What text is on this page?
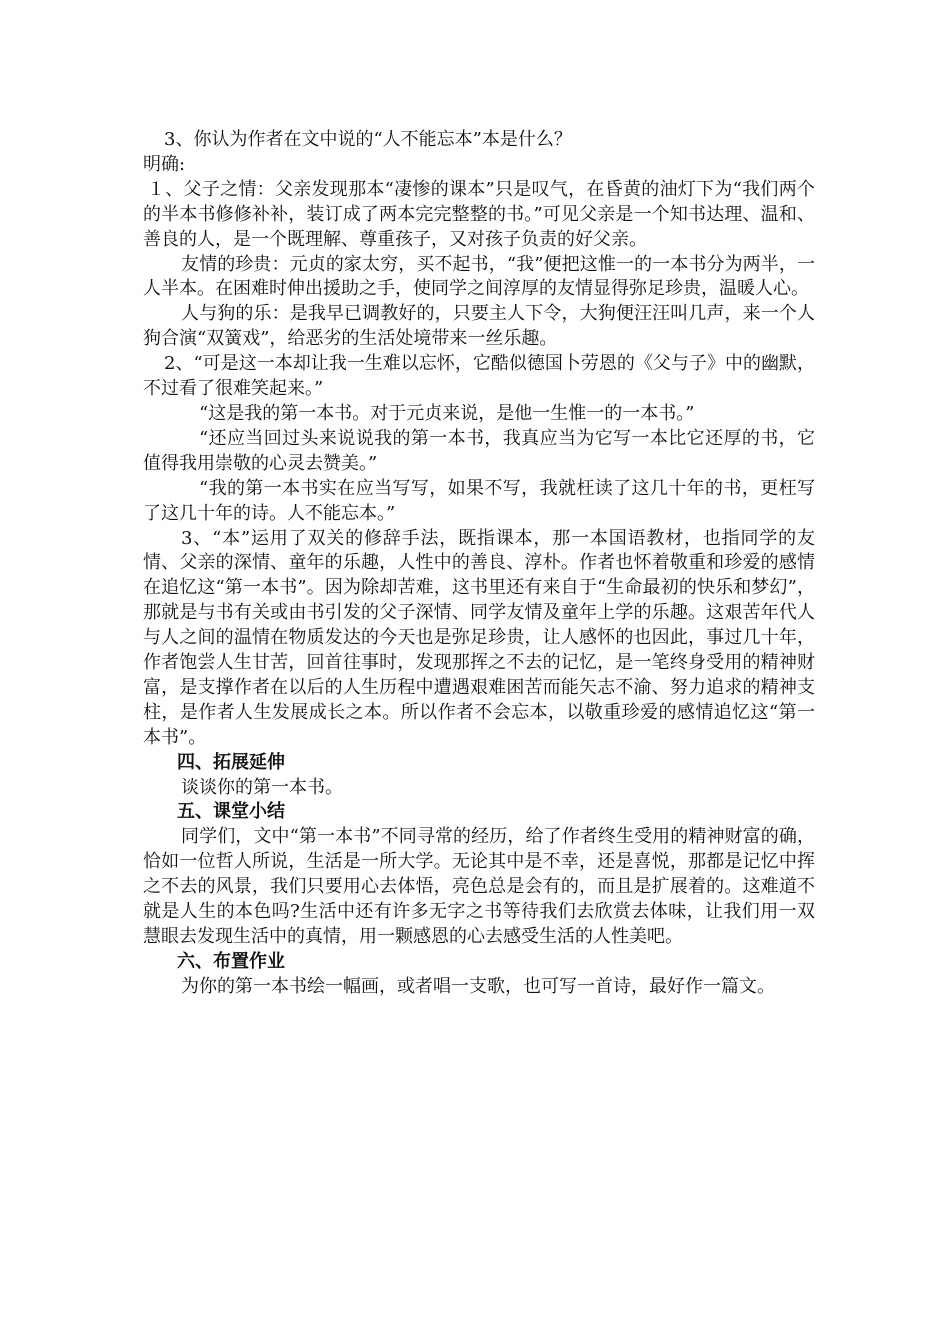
3、你认为作者在文中说的“人不能忘本”本是什么？

明确:

１、父子之情：父亲发现那本“凄惨的课本”只是叹气，在昏黄的油灯下为“我们两个的半本书修修补补，装订成了两本完完整整的书。”可见父亲是一个知书达理、温和、善良的人，是一个既理解、尊重孩子，又对孩子负责的好父亲。

友情的珍贵：元贞的家太穷，买不起书，“我”便把这惟一的一本书分为两半，一人半本。在困难时伸出援助之手，使同学之间淳厚的友情显得弥足珍贵，温暖人心。

人与狗的乐：是我早已调教好的，只要主人下令，大狗便汪汪叫几声，来一个人狗合演“双簧戏”，给恶劣的生活处境带来一丝乐趣。

2、“可是这一本却让我一生难以忘怀，它酷似德国卜劳恩的《父与子》中的幽默，不过看了很难笑起来。”

“这是我的第一本书。对于元贞来说，是他一生惟一的一本书。”

“还应当回过头来说说我的第一本书，我真应当为它写一本比它还厚的书，它值得我用崇敬的心灵去赞美。”

“我的第一本书实在应当写写，如果不写，我就枉读了这几十年的书，更枉写了这几十年的诗。人不能忘本。”

3、“本”运用了双关的修辞手法，既指课本，那一本国语教材，也指同学的友情、父亲的深情、童年的乐趣，人性中的善良、淳朴。作者也怀着敬重和珍爱的感情在追忆这“第一本书”。因为除却苦难，这书里还有来自于“生命最初的快乐和梦幻”，那就是与书有关或由书引发的父子深情、同学友情及童年上学的乐趣。这艰苦年代人与人之间的温情在物质发达的今天也是弥足珍贵，让人感怀的也因此，事过几十年，作者饱尝人生甘苦，回首往事时，发现那挥之不去的记忆，是一笔终身受用的精神财富，是支撑作者在以后的人生历程中遭遇艰难困苦而能矢志不渝、努力追求的精神支柱，是作者人生发展成长之本。所以作者不会忘本，以敬重珍爱的感情追忆这“第一本书”。

四、拓展延伸

谈谈你的第一本书。

五、课堂小结

同学们，文中“第一本书”不同寻常的经历，给了作者终生受用的精神财富的确，恰如一位哲人所说，生活是一所大学。无论其中是不幸，还是喜悦，那都是记忆中挥之不去的风景，我们只要用心去体悟，亮色总是会有的，而且是扩展着的。这难道不就是人生的本色吗?生活中还有许多无字之书等待我们去欣赏去体味，让我们用一双慧眼去发现生活中的真情，用一颗感恩的心去感受生活的人性美吧。

六、布置作业

为你的第一本书绘一幅画，或者唱一支歌，也可写一首诗，最好作一篇文。
